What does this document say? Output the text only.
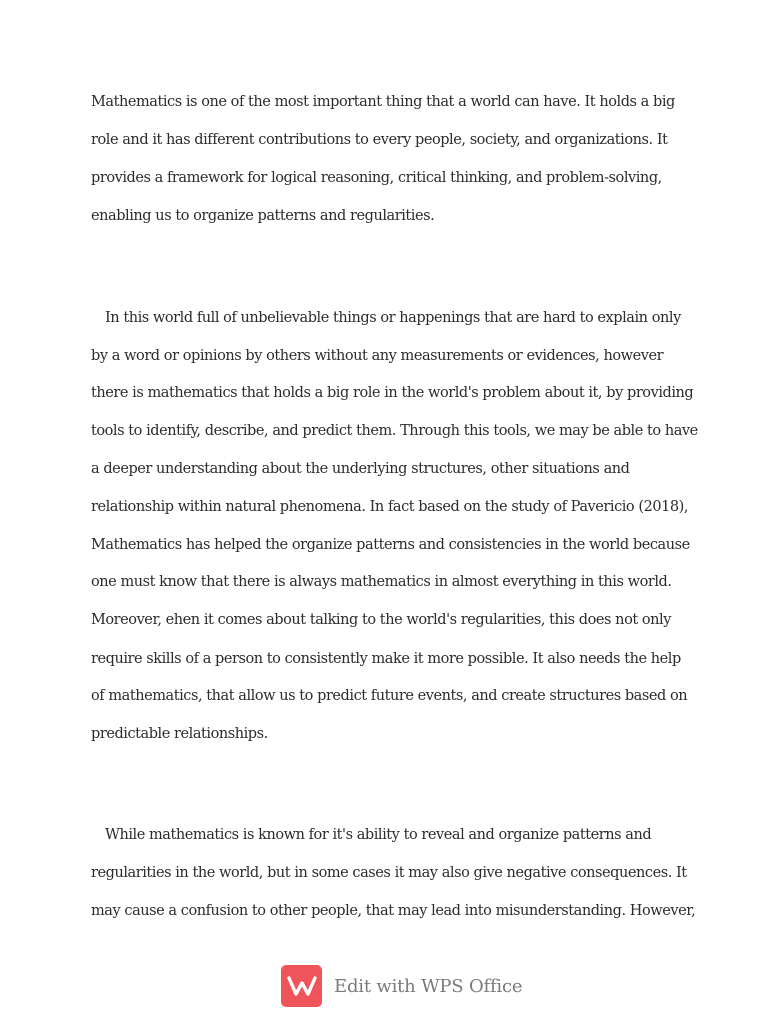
Mathematics is one of the most important thing that a world can have. It holds a big
role and it has different contributions to every people, society, and organizations. It
provides a framework for logical reasoning, critical thinking, and problem-solving,
enabling us to organize patterns and regularities.
In this world full of unbelievable things or happenings that are hard to explain only
by a word or opinions by others without any measurements or evidences, however
there is mathematics that holds a big role in the world's problem about it, by providing
tools to identify, describe, and predict them. Through this tools, we may be able to have
a deeper understanding about the underlying structures, other situations and
relationship within natural phenomena. In fact based on the study of Pavericio (2018),
Mathematics has helped the organize patterns and consistencies in the world because
one must know that there is always mathematics in almost everything in this world.
Moreover, ehen it comes about talking to the world's regularities, this does not only
require skills of a person to consistently make it more possible. It also needs the help
of mathematics, that allow us to predict future events, and create structures based on
predictable relationships.
While mathematics is known for it's ability to reveal and organize patterns and
regularities in the world, but in some cases it may also give negative consequences. It
may cause a confusion to other people, that may lead into misunderstanding. However,
Edit with WPS Office
